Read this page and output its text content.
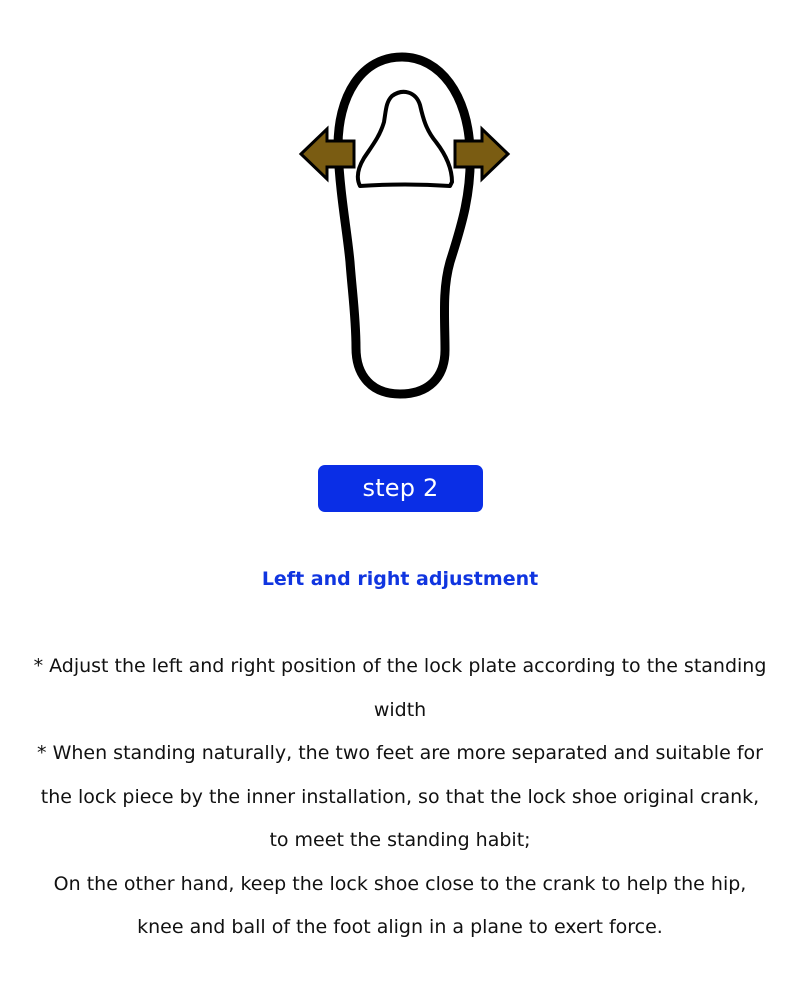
step 2
Left and right adjustment

* Adjust the left and right position of the lock plate according to the standing width

* When standing naturally, the two feet are more separated and suitable for the lock piece by the inner installation, so that the lock shoe original crank, to meet the standing habit;

On the other hand, keep the lock shoe close to the crank to help the hip, knee and ball of the foot align in a plane to exert force.
